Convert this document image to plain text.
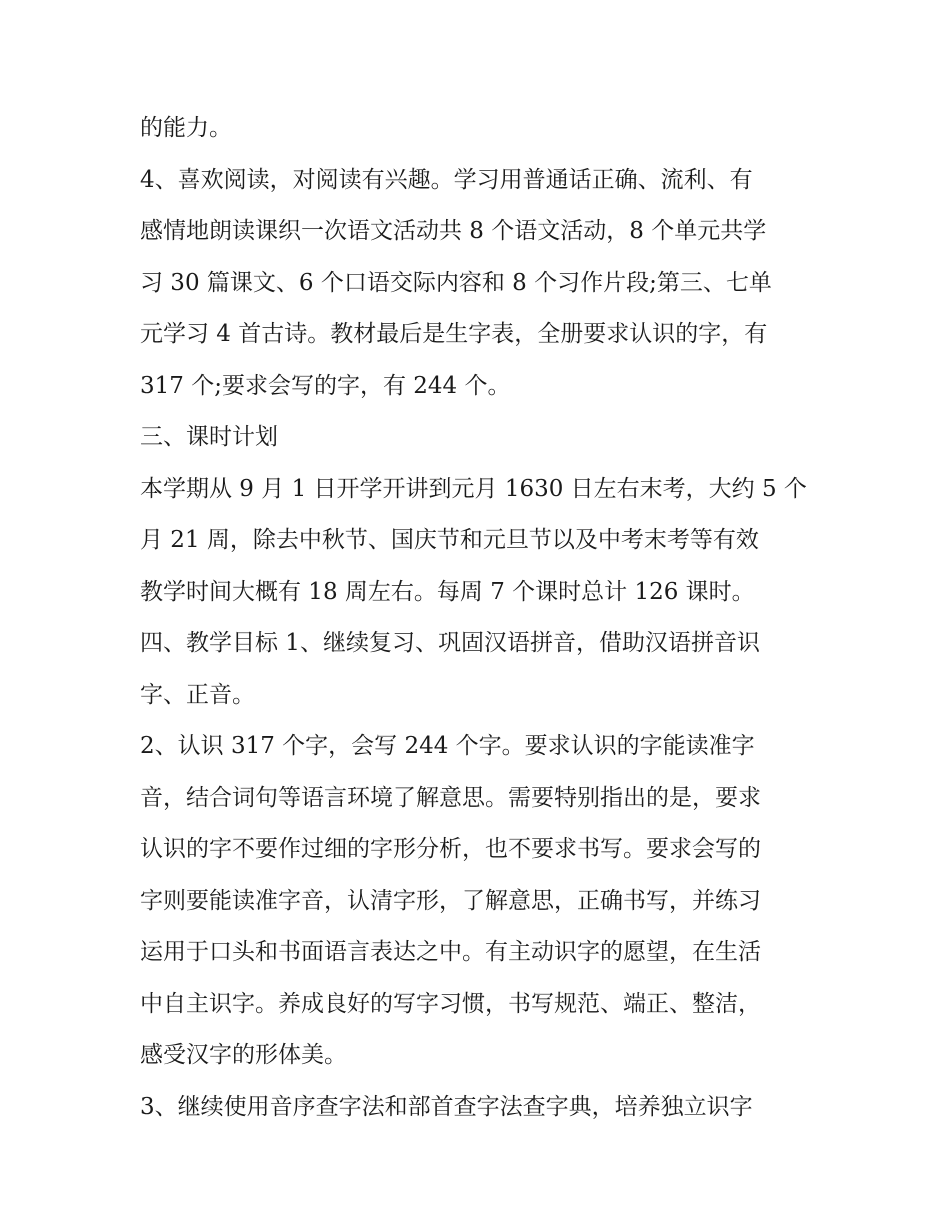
的能力。
4、喜欢阅读，对阅读有兴趣。学习用普通话正确、流利、有
感情地朗读课织一次语文活动共 8 个语文活动，8 个单元共学
习 30 篇课文、6 个口语交际内容和 8 个习作片段;第三、七单
元学习 4 首古诗。教材最后是生字表，全册要求认识的字，有
317 个;要求会写的字，有 244 个。
三、课时计划
本学期从 9 月 1 日开学开讲到元月 1630 日左右末考，大约 5 个
月 21 周，除去中秋节、国庆节和元旦节以及中考末考等有效
教学时间大概有 18 周左右。每周 7 个课时总计 126 课时。
四、教学目标 1、继续复习、巩固汉语拼音，借助汉语拼音识
字、正音。
2、认识 317 个字，会写 244 个字。要求认识的字能读准字
音，结合词句等语言环境了解意思。需要特别指出的是，要求
认识的字不要作过细的字形分析，也不要求书写。要求会写的
字则要能读准字音，认清字形，了解意思，正确书写，并练习
运用于口头和书面语言表达之中。有主动识字的愿望，在生活
中自主识字。养成良好的写字习惯，书写规范、端正、整洁，
感受汉字的形体美。
3、继续使用音序查字法和部首查字法查字典，培养独立识字
